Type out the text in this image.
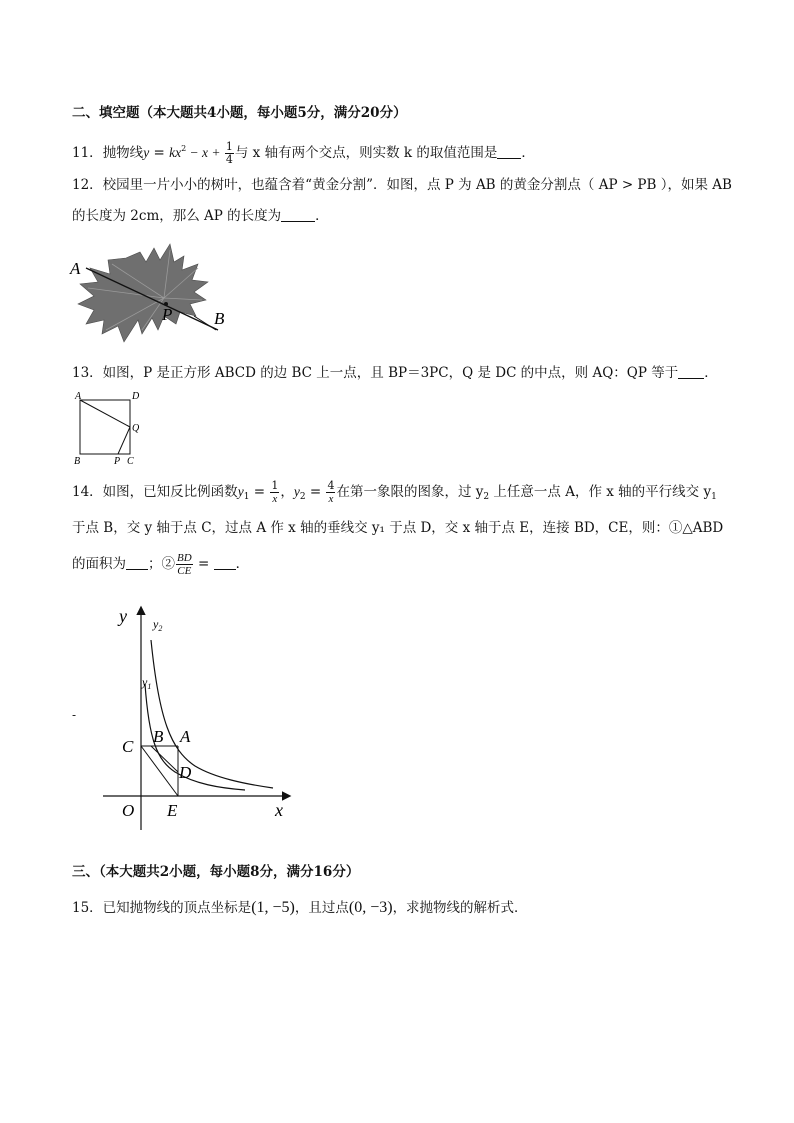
二、填空题（本大题共4小题，每小题5分，满分20分）
11．抛物线$y = kx^2 - x + \frac{1}{4}$ 与 x 轴有两个交点，则实数 k 的取值范围是 ．
12．校园里一片小小的树叶，也蕴含着“黄金分割”．如图，点 P 为 AB 的黄金分割点（ AP > PB ），如果 AB
的长度为 2cm，那么 AP 的长度为	．
A
P B
13．如图，P 是正方形 ABCD 的边 BC 上一点，且 BP＝3PC，Q 是 DC 的中点，则 AQ：QP 等于 ．
A	D
Q
B	P C
14．如图，已知反比例函数$y_1 = \frac{1}{x}$ ，$y_2 = \frac{4}{x}$ 在第一象限的图象，过 $y_2$ 上任意一点 A，作 x 轴的平行线交 $y_1$
于点 B，交 y 轴于点 C，过点 A 作 x 轴的垂线交 y₁ 于点 D，交 x 轴于点 E，连接 BD，CE，则：①△ABD
的面积为 ；② $\frac{BD}{CE}$ = ．
-
y $y_2$
$y_1$
C
B A
D
O E	x
三、（本大题共2小题，每小题8分，满分16分）
15．已知抛物线的顶点坐标是(1, −5)，且过点(0, −3)，求抛物线的解析式．
